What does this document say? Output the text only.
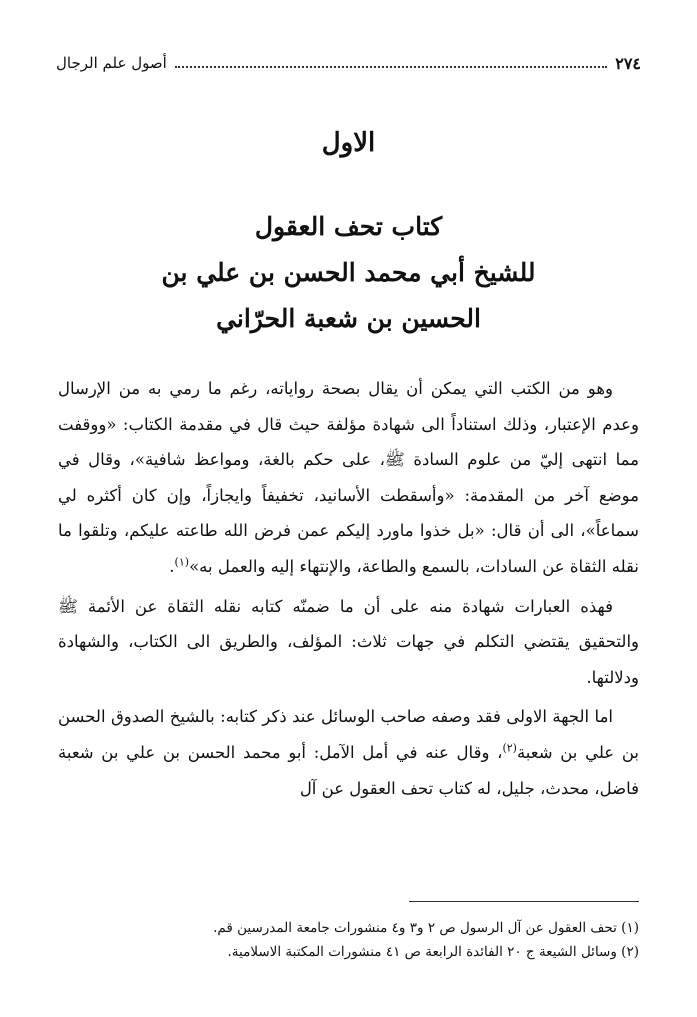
٢٧٤
أصول علم الرجال
الاول
كتاب تحف العقول
للشيخ أبي محمد الحسن بن علي بن
الحسين بن شعبة الحرّاني

وهو من الكتب التي يمكن أن يقال بصحة رواياته، رغم ما رمي به من الإرسال وعدم الإعتبار، وذلك استناداً الى شهادة مؤلفة حيث قال في مقدمة الكتاب: «ووقفت مما انتهى إليّ من علوم السادة ﷺ، على حكم بالغة، ومواعظ شافية»، وقال في موضع آخر من المقدمة: «وأسقطت الأسانيد، تخفيفاً وايجازاً، وإن كان أكثره لي سماعاً»، الى أن قال: «بل خذوا ماورد إليكم عمن فرض الله طاعته عليكم، وتلقوا ما نقله الثقاة عن السادات، بالسمع والطاعة، والإنتهاء إليه والعمل به»$^{(١)}$.

فهذه العبارات شهادة منه على أن ما ضمنّه كتابه نقله الثقاة عن الأئمة ﷺ والتحقيق يقتضي التكلم في جهات ثلاث: المؤلف، والطريق الى الكتاب، والشهادة ودلالتها.

اما الجهة الاولى فقد وصفه صاحب الوسائل عند ذكر كتابه: بالشيخ الصدوق الحسن بن علي بن شعبة$^{(٢)}$، وقال عنه في أمل الآمل: أبو محمد الحسن بن علي بن شعبة فاضل، محدث، جليل، له كتاب تحف العقول عن آل

(١) تحف العقول عن آل الرسول ص ٢ و٣ و٤ منشورات جامعة المدرسين قم.
(٢) وسائل الشيعة ج ٢٠ الفائدة الرابعة ص ٤١ منشورات المكتبة الاسلامية.
